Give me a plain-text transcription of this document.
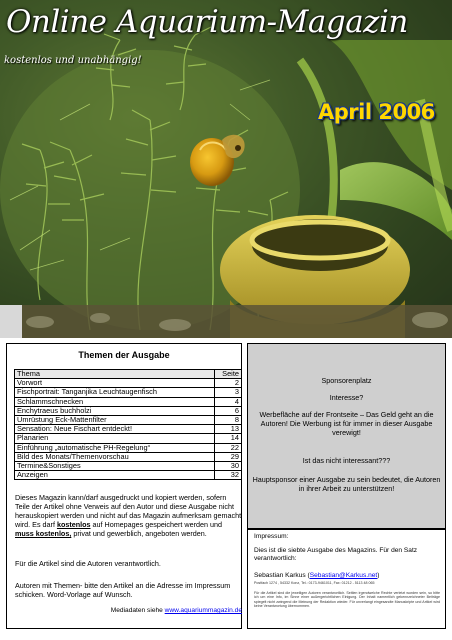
Online Aquarium-Magazin
kostenlos und unabhängig!
April 2006
Themen der Ausgabe
Thema	Seite
Vorwort	2
Fischportrait: Tanganjika Leuchtaugenfisch	3
Schlammschnecken	4
Enchytraeus buchholzi	6
Umrüstung Eck-Mattenfilter	8
Sensation: Neue Fischart entdeckt!	13
Planarien	14
Einführung „automatische PH-Regelung“	22
Bild des Monats/Themenvorschau	29
Termine&Sonstiges	30
Anzeigen	32
Dieses Magazin kann/darf ausgedruckt und kopiert werden, sofern Teile der Artikel ohne Verweis auf den Autor und diese Ausgabe nicht herauskopiert werden und nicht auf das Magazin aufmerksam gemacht wird. Es darf kostenlos auf Homepages gespeichert werden und muss kostenlos, privat und gewerblich, angeboten werden.
Für die Artikel sind die Autoren verantwortlich.
Autoren mit Themen- bitte den Artikel an die Adresse im Impressum schicken. Word-Vorlage auf Wunsch.
Mediadaten siehe www.aquariummagazin.de
Sponsorenplatz
Interesse?
Werbefläche auf der Frontseite – Das Geld geht an die Autoren! Die Werbung ist für immer in dieser Ausgabe verewigt!
Ist das nicht interessant???
Hauptsponsor einer Ausgabe zu sein bedeutet, die Autoren in ihrer Arbeit zu unterstützen!
Impressum:
Dies ist die siebte Ausgabe des Magazins. Für den Satz verantwortlich:
Sebastian Karkus (Sebastian@Karkus.net)
Postfach 1274 , 54332 Konz, Tel.: 0173-9461011, Fax: 01212 - 5113 48 065
Für die Artikel sind die jeweiligen Autoren verantwortlich. Seitlen irgendwelche Rechte verletzt worden sein, so bitte ich um eine Info, im Sinne einer außergerichtlichen Einigung. Der Inhalt namentlich gekennzeichneter Beiträge spiegelt nicht zwingend die Meinung der Redaktion wieder. Für unverlangt eingesandte Manuskripte und Artikel wird keine Verantwortung übernommen.
